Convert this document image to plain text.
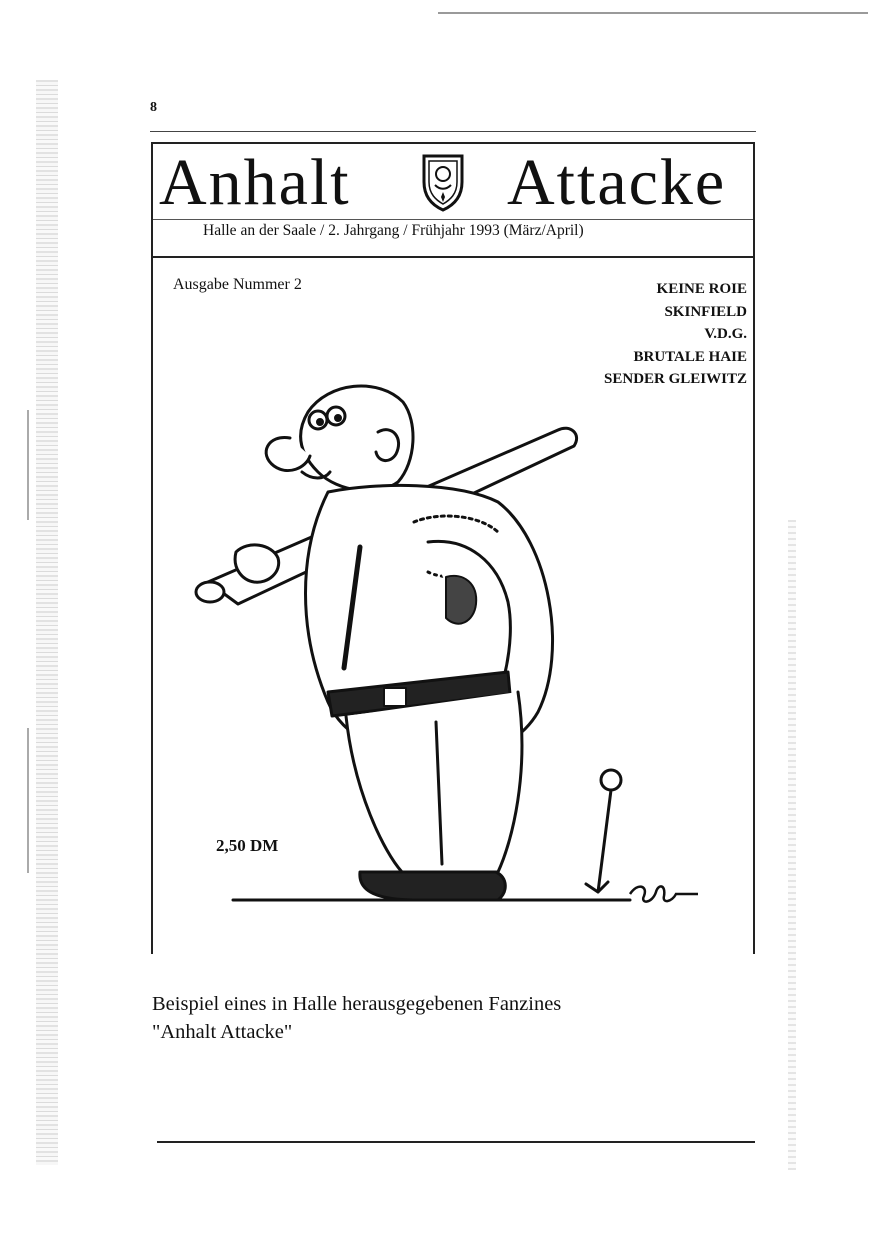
8
Anhalt Attacke
Halle an der Saale / 2. Jahrgang / Frühjahr 1993 (März/April)
Ausgabe Nummer 2	KEINE ROIE
SKINFIELD
V.D.G.
BRUTALE HAIE
SENDER GLEIWITZ
2,50 DM
Beispiel eines in Halle herausgegebenen Fanzines
"Anhalt Attacke"
